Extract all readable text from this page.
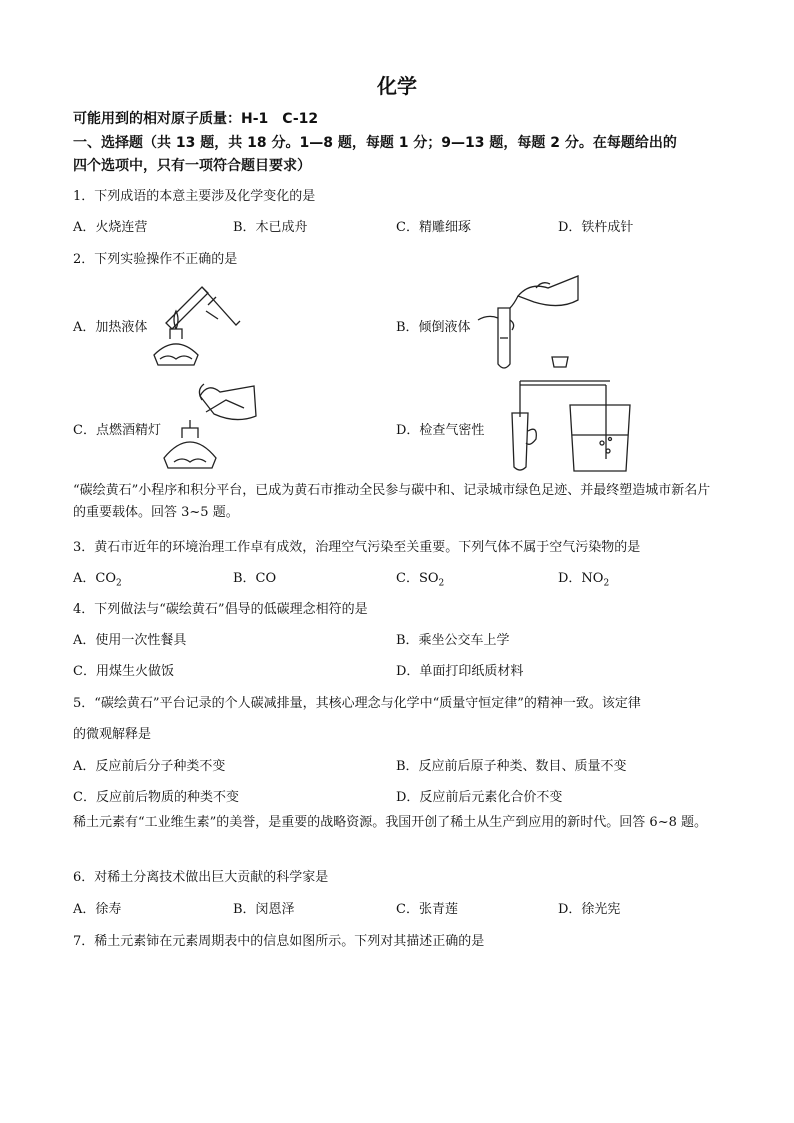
化学
可能用到的相对原子质量：H-1　C-12
一、选择题（共 13 题，共 18 分。1—8 题，每题 1 分；9—13 题，每题 2 分。在每题给出的
四个选项中，只有一项符合题目要求）
1．下列成语的本意主要涉及化学变化的是
A．火烧连营	B．木已成舟	C．精雕细琢	D．铁杵成针
2．下列实验操作不正确的是
A．加热液体	B．倾倒液体
C．点燃酒精灯	D．检查气密性
“碳绘黄石”小程序和积分平台，已成为黄石市推动全民参与碳中和、记录城市绿色足迹、并最终塑造城市新名片的重要载体。回答 3~5 题。
3．黄石市近年的环境治理工作卓有成效，治理空气污染至关重要。下列气体不属于空气污染物的是
A．$CO_2$	B．CO	C．$SO_2$	D．$NO_2$
4．下列做法与“碳绘黄石”倡导的低碳理念相符的是
A．使用一次性餐具	B．乘坐公交车上学
C．用煤生火做饭	D．单面打印纸质材料
5．“碳绘黄石”平台记录的个人碳减排量，其核心理念与化学中“质量守恒定律”的精神一致。该定律
的微观解释是
A．反应前后分子种类不变	B．反应前后原子种类、数目、质量不变
C．反应前后物质的种类不变	D．反应前后元素化合价不变
稀土元素有“工业维生素”的美誉，是重要的战略资源。我国开创了稀土从生产到应用的新时代。回答 6~8 题。
6．对稀土分离技术做出巨大贡献的科学家是
A．徐寿	B．闵恩泽	C．张青莲	D．徐光宪
7．稀土元素铈在元素周期表中的信息如图所示。下列对其描述正确的是
